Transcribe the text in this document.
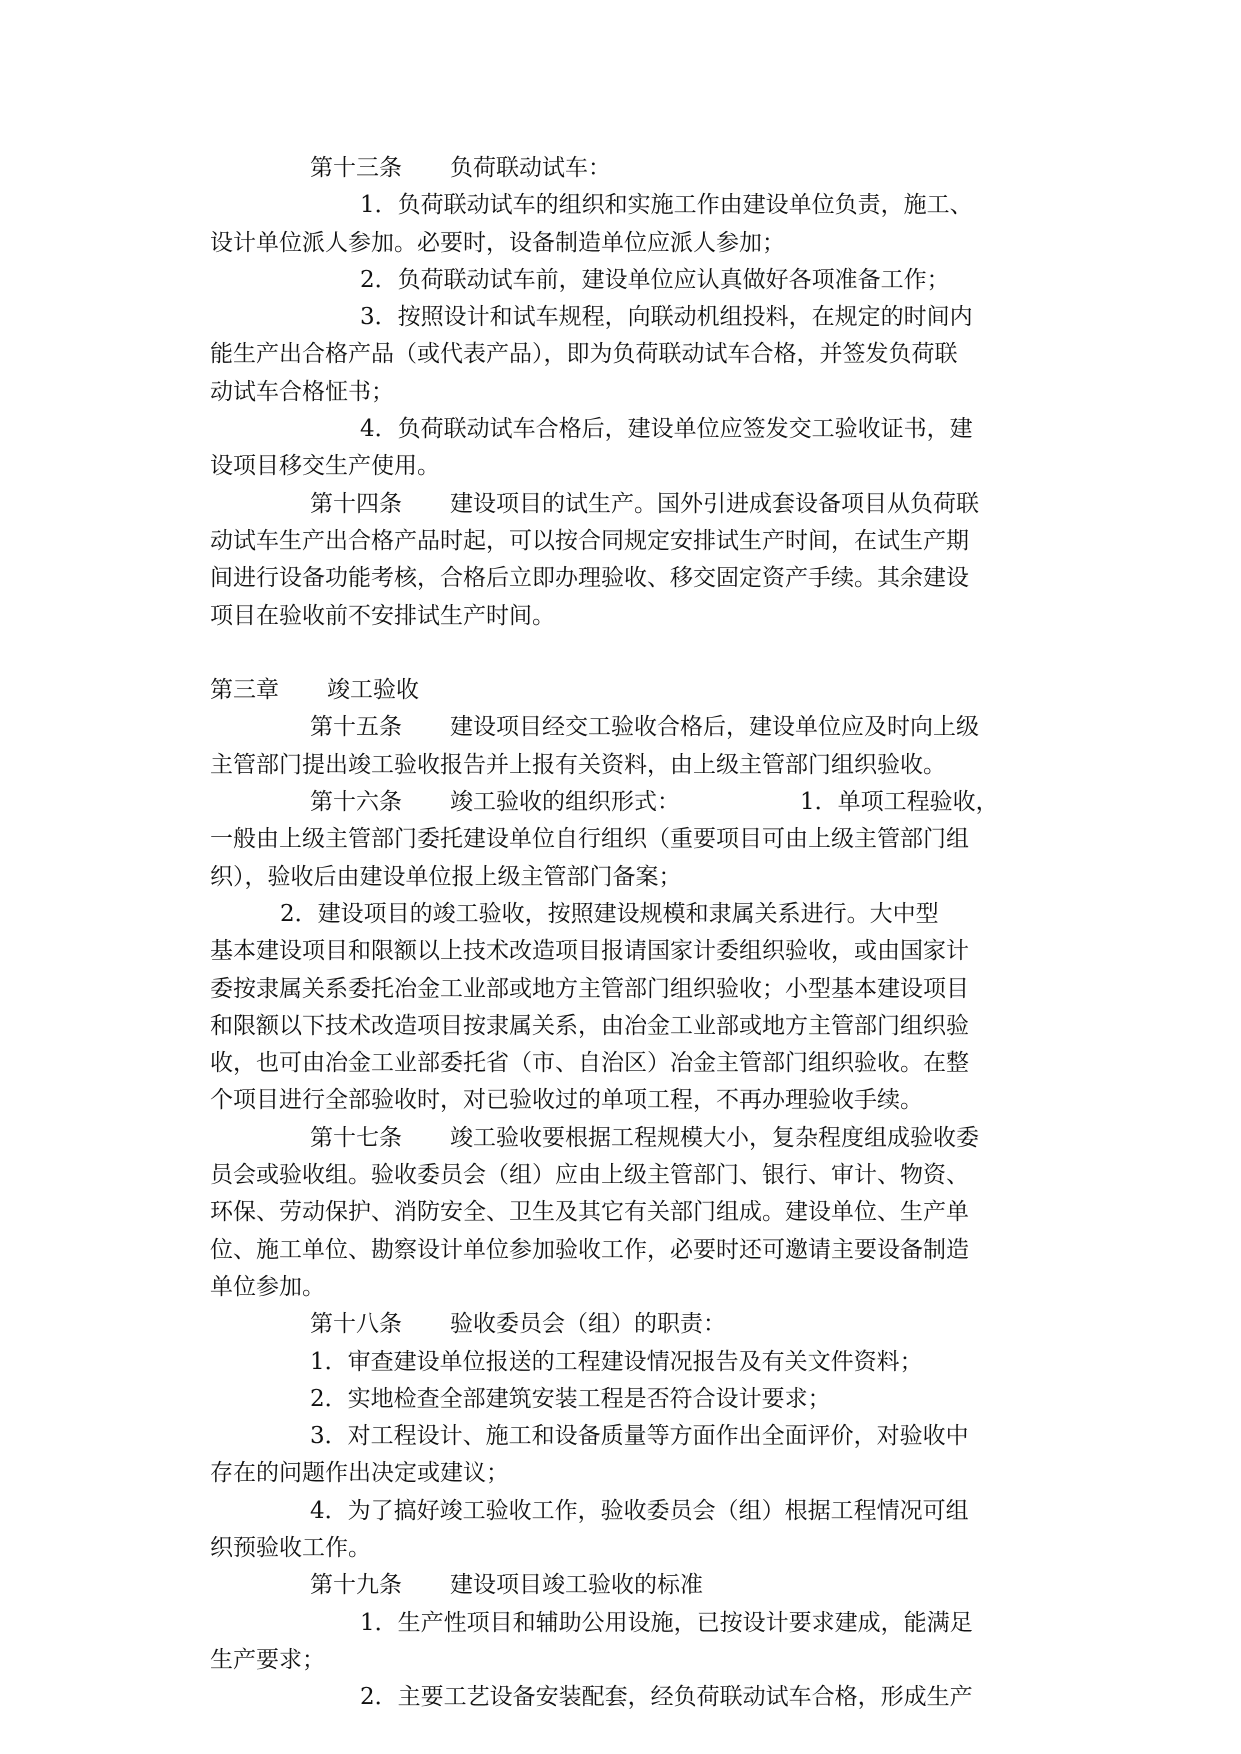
第十三条 负荷联动试车：
1．负荷联动试车的组织和实施工作由建设单位负责，施工、
设计单位派人参加。必要时，设备制造单位应派人参加；
2．负荷联动试车前，建设单位应认真做好各项准备工作；
3．按照设计和试车规程，向联动机组投料，在规定的时间内
能生产出合格产品（或代表产品），即为负荷联动试车合格，并签发负荷联
动试车合格怔书；
4．负荷联动试车合格后，建设单位应签发交工验收证书，建
设项目移交生产使用。
第十四条 建设项目的试生产。国外引进成套设备项目从负荷联
动试车生产出合格产品时起，可以按合同规定安排试生产时间，在试生产期
间进行设备功能考核，合格后立即办理验收、移交固定资产手续。其余建设
项目在验收前不安排试生产时间。
第三章 竣工验收
第十五条 建设项目经交工验收合格后，建设单位应及时向上级
主管部门提出竣工验收报告并上报有关资料，由上级主管部门组织验收。
第十六条 竣工验收的组织形式：	1．单项工程验收，
一般由上级主管部门委托建设单位自行组织（重要项目可由上级主管部门组
织），验收后由建设单位报上级主管部门备案；
2．建设项目的竣工验收，按照建设规模和隶属关系进行。大中型
基本建设项目和限额以上技术改造项目报请国家计委组织验收，或由国家计
委按隶属关系委托冶金工业部或地方主管部门组织验收；小型基本建设项目
和限额以下技术改造项目按隶属关系，由冶金工业部或地方主管部门组织验
收，也可由冶金工业部委托省（市、自治区）冶金主管部门组织验收。在整
个项目进行全部验收时，对已验收过的单项工程，不再办理验收手续。
第十七条 竣工验收要根据工程规模大小，复杂程度组成验收委
员会或验收组。验收委员会（组）应由上级主管部门、银行、审计、物资、
环保、劳动保护、消防安全、卫生及其它有关部门组成。建设单位、生产单
位、施工单位、勘察设计单位参加验收工作，必要时还可邀请主要设备制造
单位参加。
第十八条 验收委员会（组）的职责：
1．审查建设单位报送的工程建设情况报告及有关文件资料；
2．实地检查全部建筑安装工程是否符合设计要求；
3．对工程设计、施工和设备质量等方面作出全面评价，对验收中
存在的问题作出决定或建议；
4．为了搞好竣工验收工作，验收委员会（组）根据工程情况可组
织预验收工作。
第十九条 建设项目竣工验收的标准
1．生产性项目和辅助公用设施，已按设计要求建成，能满足
生产要求；
2．主要工艺设备安装配套，经负荷联动试车合格，形成生产
